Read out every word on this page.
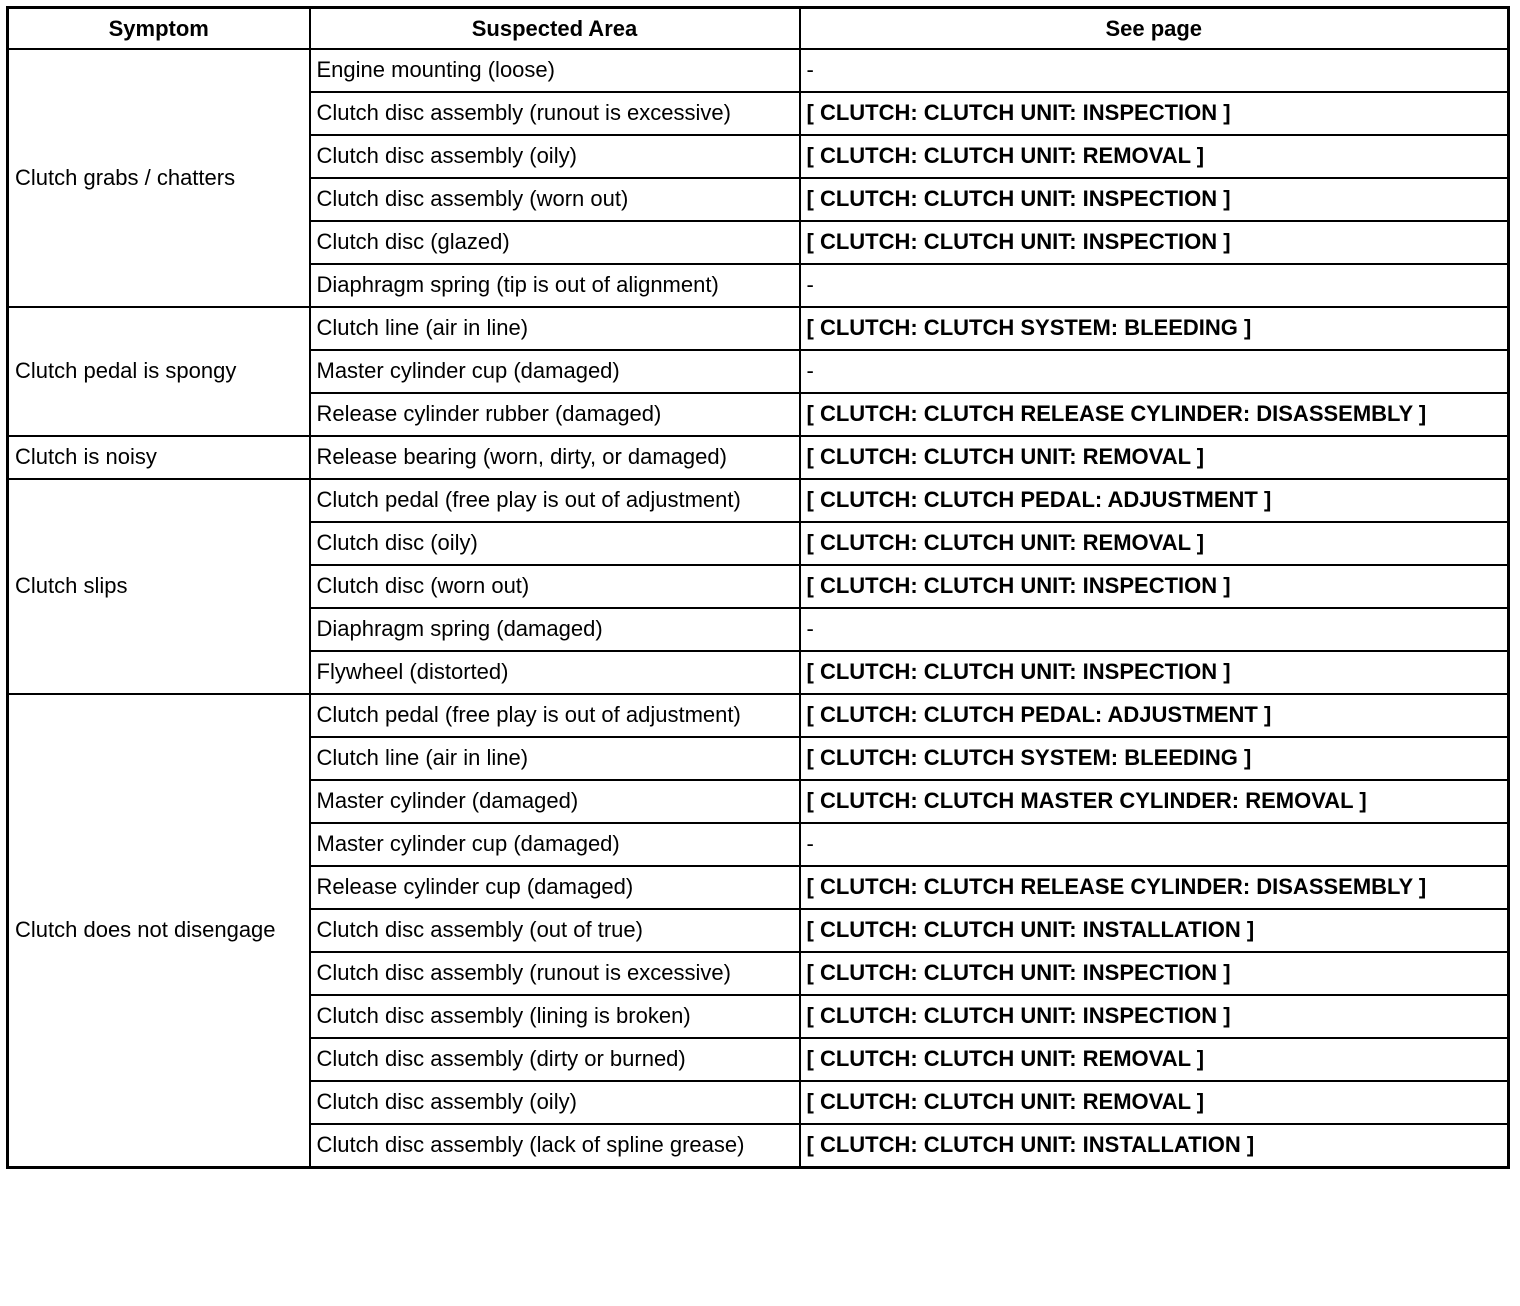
Symptom	Suspected Area	See page
Clutch grabs / chatters	Engine mounting (loose)	-
	Clutch disc assembly (runout is excessive)	[ CLUTCH: CLUTCH UNIT: INSPECTION ]
	Clutch disc assembly (oily)	[ CLUTCH: CLUTCH UNIT: REMOVAL ]
	Clutch disc assembly (worn out)	[ CLUTCH: CLUTCH UNIT: INSPECTION ]
	Clutch disc (glazed)	[ CLUTCH: CLUTCH UNIT: INSPECTION ]
	Diaphragm spring (tip is out of alignment)	-
Clutch pedal is spongy	Clutch line (air in line)	[ CLUTCH: CLUTCH SYSTEM: BLEEDING ]
	Master cylinder cup (damaged)	-
	Release cylinder rubber (damaged)	[ CLUTCH: CLUTCH RELEASE CYLINDER: DISASSEMBLY ]
Clutch is noisy	Release bearing (worn, dirty, or damaged)	[ CLUTCH: CLUTCH UNIT: REMOVAL ]
Clutch slips	Clutch pedal (free play is out of adjustment)	[ CLUTCH: CLUTCH PEDAL: ADJUSTMENT ]
	Clutch disc (oily)	[ CLUTCH: CLUTCH UNIT: REMOVAL ]
	Clutch disc (worn out)	[ CLUTCH: CLUTCH UNIT: INSPECTION ]
	Diaphragm spring (damaged)	-
	Flywheel (distorted)	[ CLUTCH: CLUTCH UNIT: INSPECTION ]
Clutch does not disengage	Clutch pedal (free play is out of adjustment)	[ CLUTCH: CLUTCH PEDAL: ADJUSTMENT ]
	Clutch line (air in line)	[ CLUTCH: CLUTCH SYSTEM: BLEEDING ]
	Master cylinder (damaged)	[ CLUTCH: CLUTCH MASTER CYLINDER: REMOVAL ]
	Master cylinder cup (damaged)	-
	Release cylinder cup (damaged)	[ CLUTCH: CLUTCH RELEASE CYLINDER: DISASSEMBLY ]
	Clutch disc assembly (out of true)	[ CLUTCH: CLUTCH UNIT: INSTALLATION ]
	Clutch disc assembly (runout is excessive)	[ CLUTCH: CLUTCH UNIT: INSPECTION ]
	Clutch disc assembly (lining is broken)	[ CLUTCH: CLUTCH UNIT: INSPECTION ]
	Clutch disc assembly (dirty or burned)	[ CLUTCH: CLUTCH UNIT: REMOVAL ]
	Clutch disc assembly (oily)	[ CLUTCH: CLUTCH UNIT: REMOVAL ]
	Clutch disc assembly (lack of spline grease)	[ CLUTCH: CLUTCH UNIT: INSTALLATION ]
